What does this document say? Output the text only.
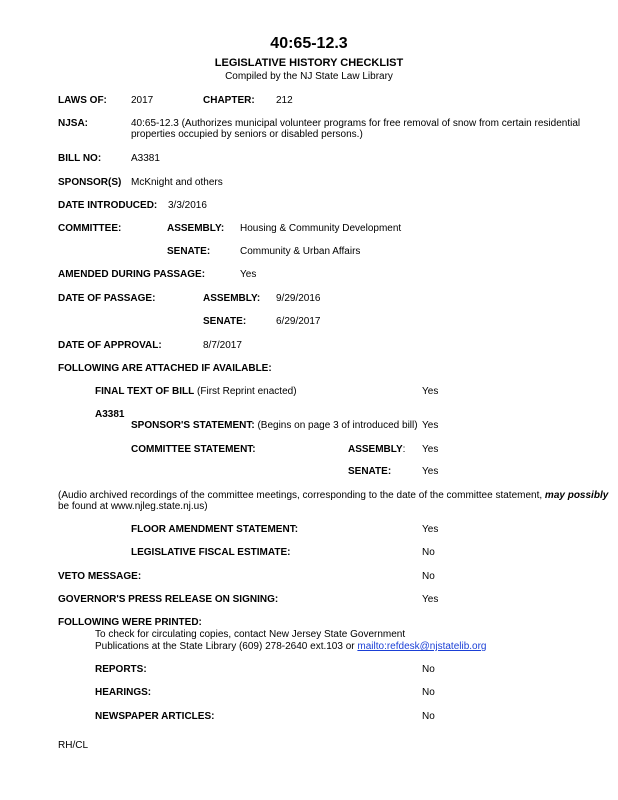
40:65-12.3
LEGISLATIVE HISTORY CHECKLIST
Compiled by the NJ State Law Library
LAWS OF: 2017	CHAPTER: 212
NJSA:	40:65-12.3 (Authorizes municipal volunteer programs for free removal of snow from certain residential
properties occupied by seniors or disabled persons.)
BILL NO:	A3381
SPONSOR(S) McKnight and others
DATE INTRODUCED: 3/3/2016
COMMITTEE:	ASSEMBLY: Housing & Community Development
SENATE:	Community & Urban Affairs
AMENDED DURING PASSAGE:	Yes
DATE OF PASSAGE:	ASSEMBLY: 9/29/2016
SENATE:	6/29/2017
DATE OF APPROVAL:	8/7/2017
FOLLOWING ARE ATTACHED IF AVAILABLE:
FINAL TEXT OF BILL (First Reprint enacted)	Yes
A3381
SPONSOR'S STATEMENT: (Begins on page 3 of introduced bill) Yes
COMMITTEE STATEMENT:	ASSEMBLY: Yes
SENATE:	Yes
(Audio archived recordings of the committee meetings, corresponding to the date of the committee statement, may possibly
be found at www.njleg.state.nj.us)
FLOOR AMENDMENT STATEMENT:	Yes
LEGISLATIVE FISCAL ESTIMATE:	No
VETO MESSAGE:	No
GOVERNOR'S PRESS RELEASE ON SIGNING:	Yes
FOLLOWING WERE PRINTED:
To check for circulating copies, contact New Jersey State Government
Publications at the State Library (609) 278-2640 ext.103 or mailto:refdesk@njstatelib.org
REPORTS:	No
HEARINGS:	No
NEWSPAPER ARTICLES:	No
RH/CL
